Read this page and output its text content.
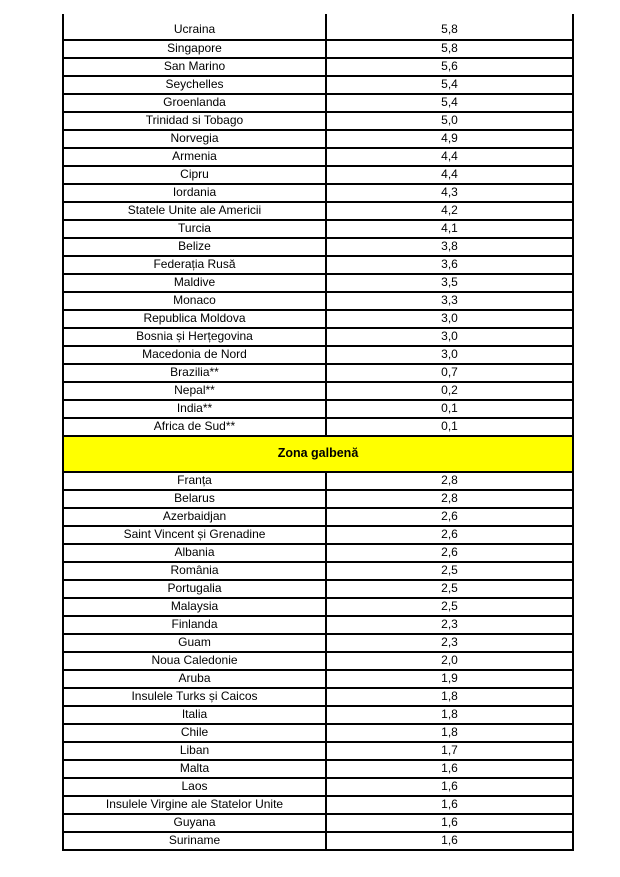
Ucraina	5,8
Singapore	5,8
San Marino	5,6
Seychelles	5,4
Groenlanda	5,4
Trinidad si Tobago	5,0
Norvegia	4,9
Armenia	4,4
Cipru	4,4
Iordania	4,3
Statele Unite ale Americii	4,2
Turcia	4,1
Belize	3,8
Federația Rusă	3,6
Maldive	3,5
Monaco	3,3
Republica Moldova	3,0
Bosnia și Herțegovina	3,0
Macedonia de Nord	3,0
Brazilia**	0,7
Nepal**	0,2
India**	0,1
Africa de Sud**	0,1
Zona galbenă	
Franța	2,8
Belarus	2,8
Azerbaidjan	2,6
Saint Vincent și Grenadine	2,6
Albania	2,6
România	2,5
Portugalia	2,5
Malaysia	2,5
Finlanda	2,3
Guam	2,3
Noua Caledonie	2,0
Aruba	1,9
Insulele Turks și Caicos	1,8
Italia	1,8
Chile	1,8
Liban	1,7
Malta	1,6
Laos	1,6
Insulele Virgine ale Statelor Unite	1,6
Guyana	1,6
Suriname	1,6
